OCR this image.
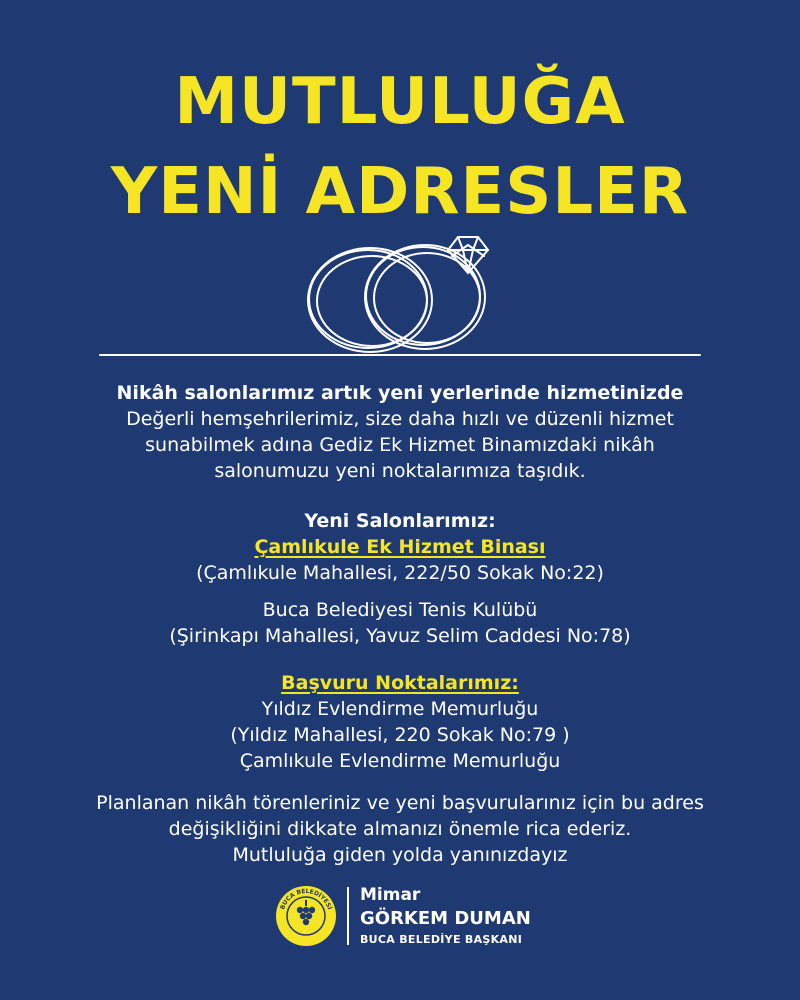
MUTLULUĞA
YENİ ADRESLER
Nikâh salonlarımız artık yeni yerlerinde hizmetinizde
Değerli hemşehrilerimiz, size daha hızlı ve düzenli hizmet
sunabilmek adına Gediz Ek Hizmet Binamızdaki nikâh
salonumuzu yeni noktalarımıza taşıdık.
Yeni Salonlarımız:
Çamlıkule Ek Hizmet Binası
(Çamlıkule Mahallesi, 222/50 Sokak No:22)
Buca Belediyesi Tenis Kulübü
(Şirinkapı Mahallesi, Yavuz Selim Caddesi No:78)
Başvuru Noktalarımız:
Yıldız Evlendirme Memurluğu
(Yıldız Mahallesi, 220 Sokak No:79 )
Çamlıkule Evlendirme Memurluğu
Planlanan nikâh törenleriniz ve yeni başvurularınız için bu adres
değişikliğini dikkate almanızı önemle rica ederiz.
Mutluluğa giden yolda yanınızdayız
BUCA BELEDİYESİ
Mimar
GÖRKEM DUMAN
BUCA BELEDİYE BAŞKANI
